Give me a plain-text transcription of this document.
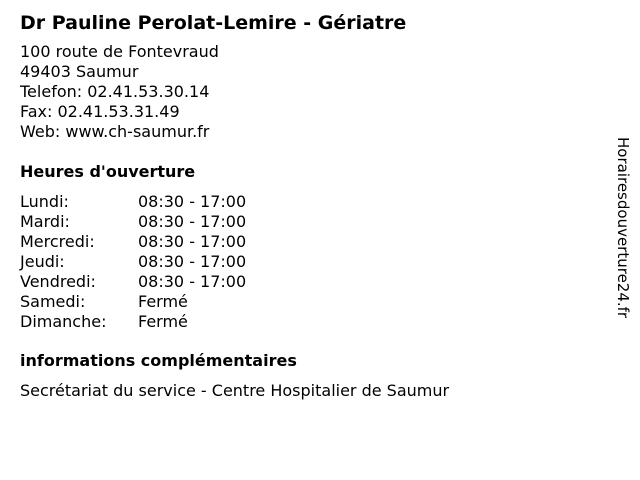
Dr Pauline Perolat-Lemire - Gériatre
100 route de Fontevraud
49403 Saumur
Telefon: 02.41.53.30.14
Fax: 02.41.53.31.49
Web: www.ch-saumur.fr
Heures d'ouverture
Lundi:	08:30 - 17:00
Mardi:	08:30 - 17:00
Mercredi:	08:30 - 17:00
Jeudi:	08:30 - 17:00
Vendredi:	08:30 - 17:00
Samedi:	Fermé
Dimanche:	Fermé
informations complémentaires
Secrétariat du service - Centre Hospitalier de Saumur
Horairesdouverture24.fr
